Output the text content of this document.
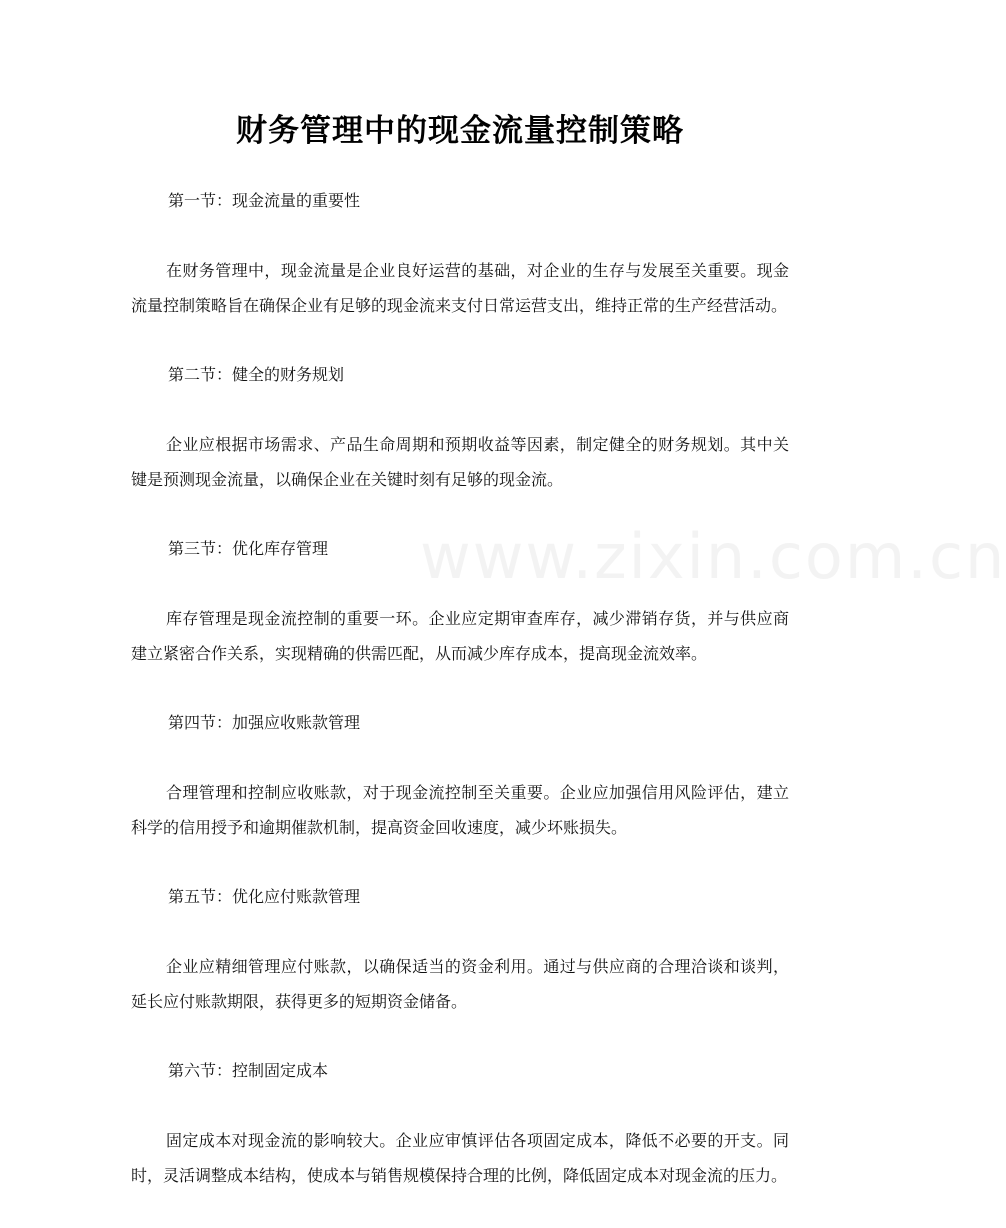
财务管理中的现金流量控制策略
www.zixin.com.cn

第一节：现金流量的重要性

在财务管理中，现金流量是企业良好运营的基础，对企业的生存与发展至关重要。现金流量控制策略旨在确保企业有足够的现金流来支付日常运营支出，维持正常的生产经营活动。

第二节：健全的财务规划

企业应根据市场需求、产品生命周期和预期收益等因素，制定健全的财务规划。其中关键是预测现金流量，以确保企业在关键时刻有足够的现金流。

第三节：优化库存管理

库存管理是现金流控制的重要一环。企业应定期审查库存，减少滞销存货，并与供应商建立紧密合作关系，实现精确的供需匹配，从而减少库存成本，提高现金流效率。

第四节：加强应收账款管理

合理管理和控制应收账款，对于现金流控制至关重要。企业应加强信用风险评估，建立科学的信用授予和逾期催款机制，提高资金回收速度，减少坏账损失。

第五节：优化应付账款管理

企业应精细管理应付账款，以确保适当的资金利用。通过与供应商的合理洽谈和谈判，延长应付账款期限，获得更多的短期资金储备。

第六节：控制固定成本

固定成本对现金流的影响较大。企业应审慎评估各项固定成本，降低不必要的开支。同时，灵活调整成本结构，使成本与销售规模保持合理的比例，降低固定成本对现金流的压力。
